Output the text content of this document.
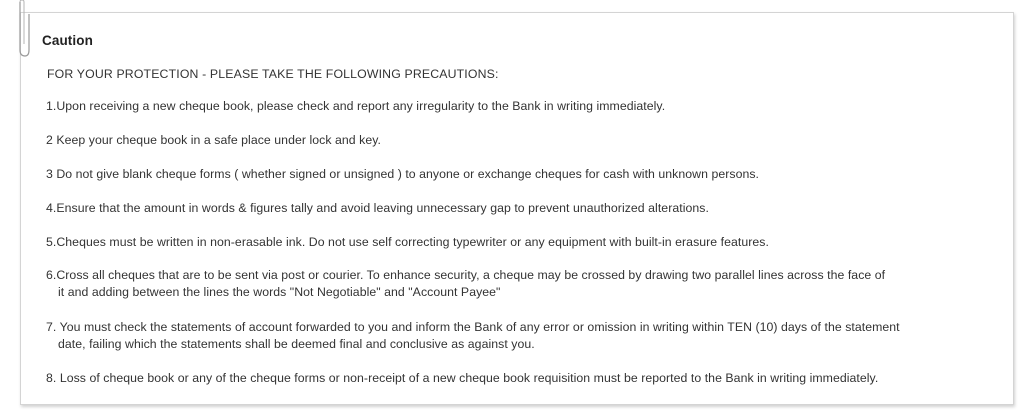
Caution
FOR YOUR PROTECTION - PLEASE TAKE THE FOLLOWING PRECAUTIONS:
1.Upon receiving a new cheque book, please check and report any irregularity to the Bank in writing immediately.
2 Keep your cheque book in a safe place under lock and key.
3 Do not give blank cheque forms ( whether signed or unsigned ) to anyone or exchange cheques for cash with unknown persons.
4.Ensure that the amount in words & figures tally and avoid leaving unnecessary gap to prevent unauthorized alterations.
5.Cheques must be written in non-erasable ink. Do not use self correcting typewriter or any equipment with built-in erasure features.
6.Cross all cheques that are to be sent via post or courier. To enhance security, a cheque may be crossed by drawing two parallel lines across the face of
it and adding between the lines the words "Not Negotiable" and "Account Payee"
7. You must check the statements of account forwarded to you and inform the Bank of any error or omission in writing within TEN (10) days of the statement
date, failing which the statements shall be deemed final and conclusive as against you.
8. Loss of cheque book or any of the cheque forms or non-receipt of a new cheque book requisition must be reported to the Bank in writing immediately.
